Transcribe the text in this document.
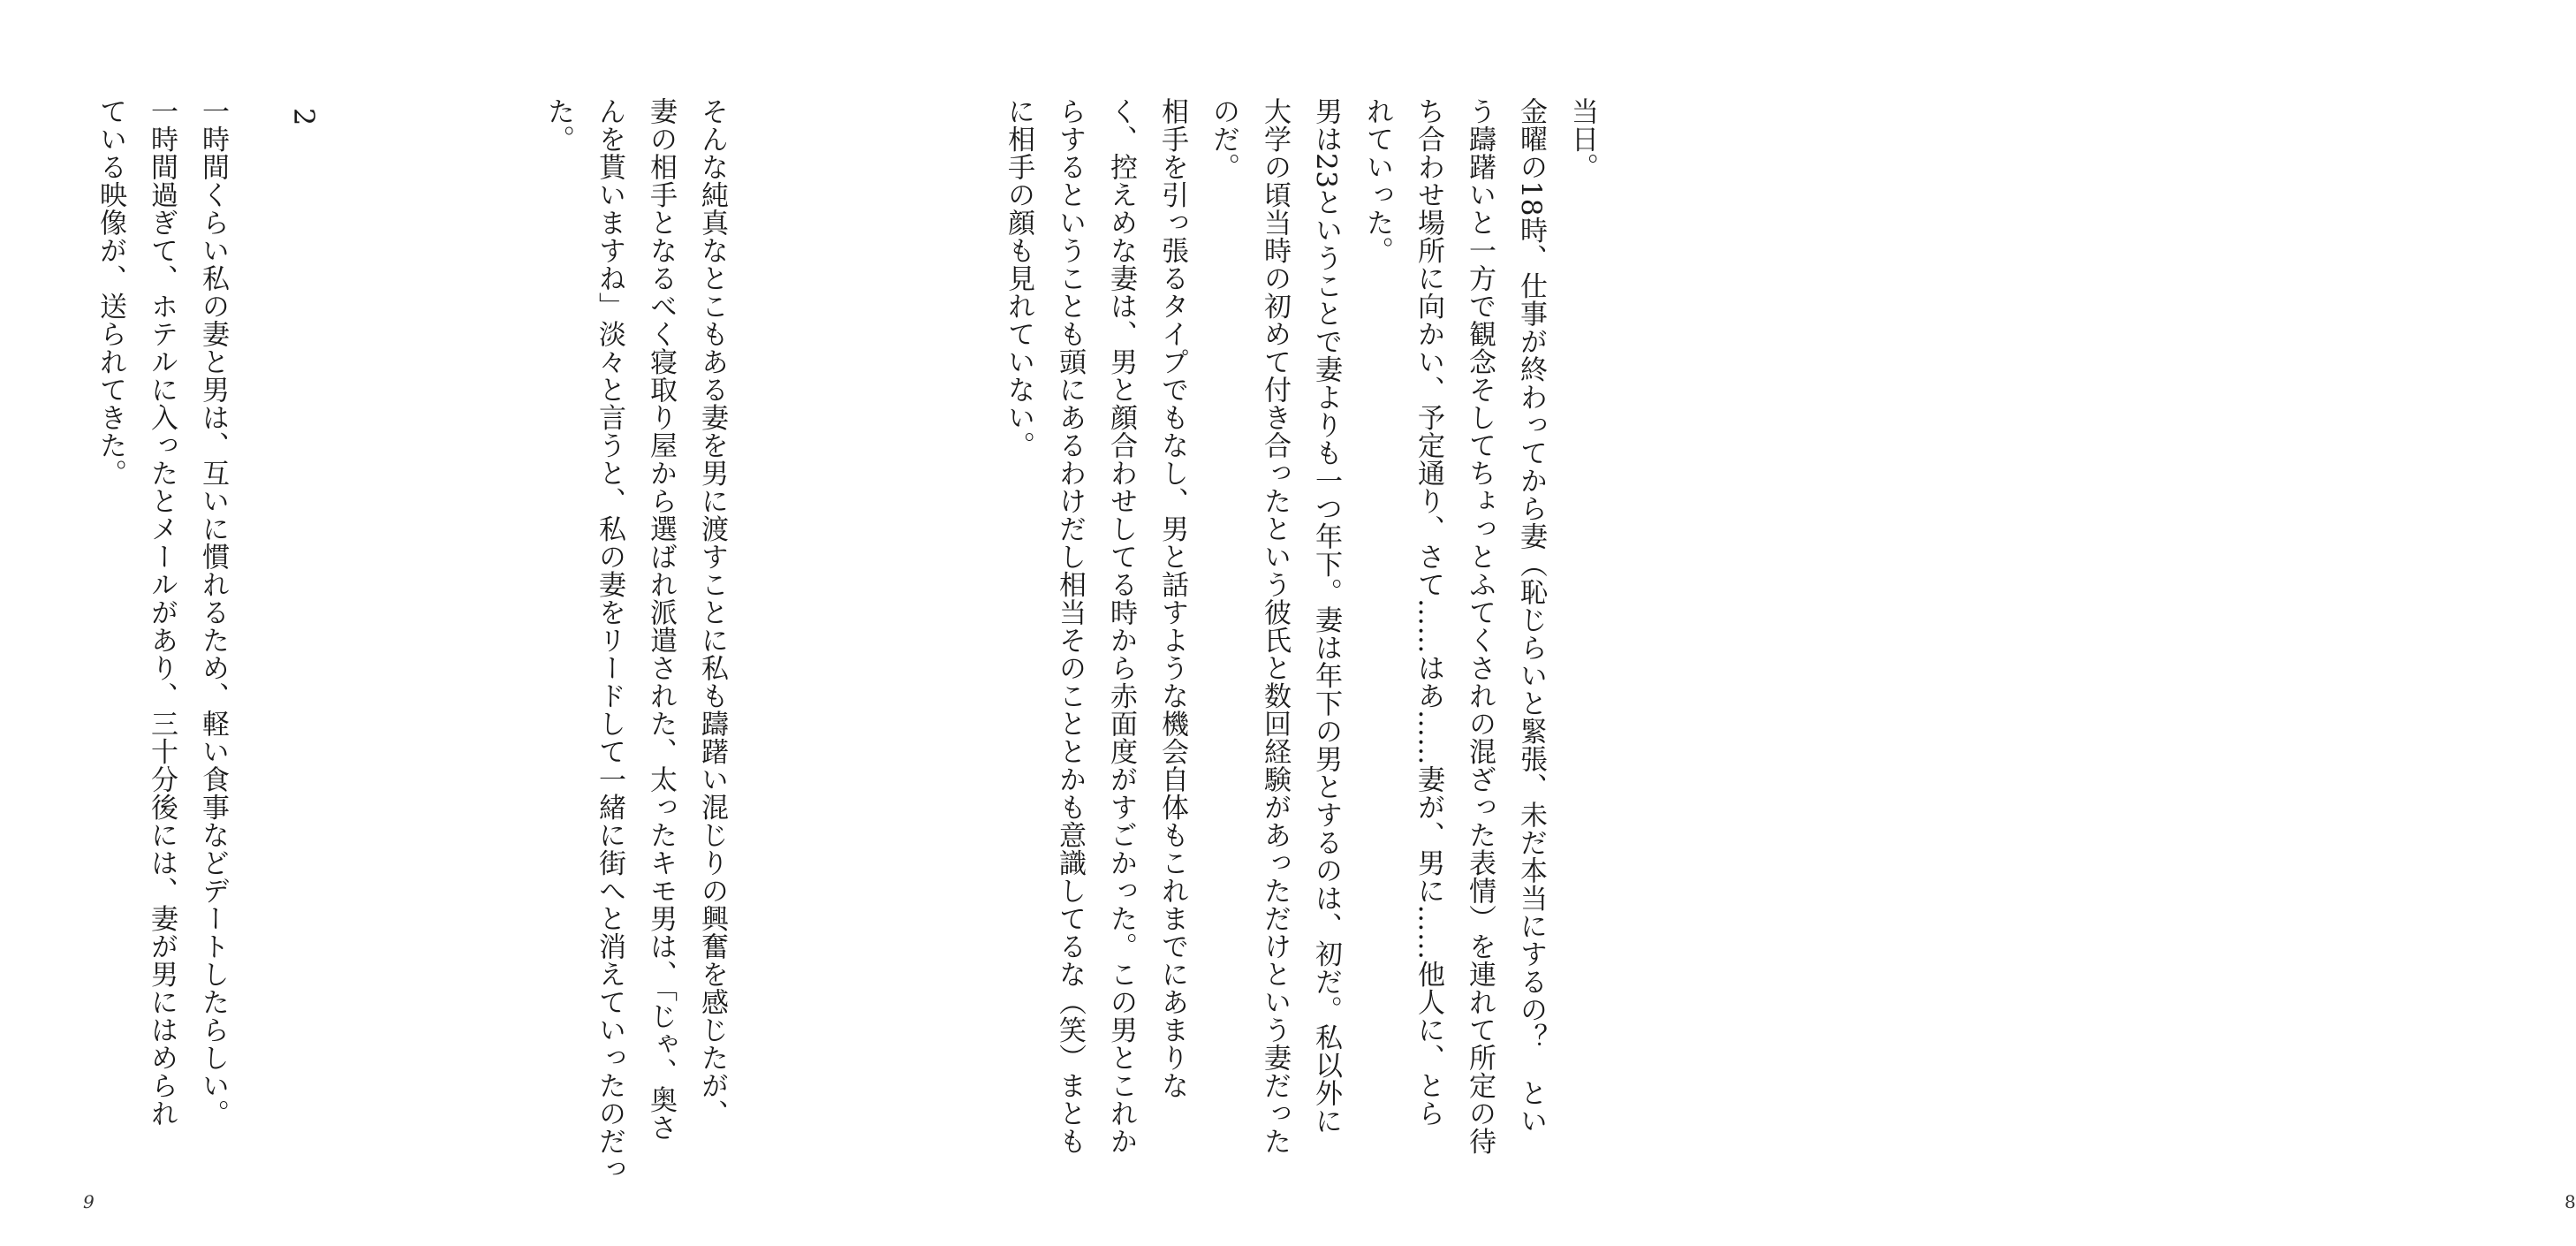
当日。

金曜の18時、仕事が終わってから妻（恥じらいと緊張、未だ本当にするの？　とい

う躊躇いと一方で観念そしてちょっとふてくされの混ざった表情）を連れて所定の待

ち合わせ場所に向かい、予定通り、さて……はあ……妻が、男に……他人に、とら

れていった。

男は23ということで妻よりも一つ年下。妻は年下の男とするのは、初だ。私以外に

大学の頃当時の初めて付き合ったという彼氏と数回経験があっただけという妻だった

のだ。

相手を引っ張るタイプでもなし、男と話すような機会自体もこれまでにあまりな

く、控えめな妻は、男と顔合わせしてる時から赤面度がすごかった。この男とこれか

らするということも頭にあるわけだし相当そのこととかも意識してるな（笑）まとも

に相手の顔も見れていない。

8

そんな純真なとこもある妻を男に渡すことに私も躊躇い混じりの興奮を感じたが、

妻の相手となるべく寝取り屋から選ばれ派遣された、太ったキモ男は、「じゃ、奥さ

んを貰いますね」淡々と言うと、私の妻をリードして一緒に街へと消えていったのだっ

た。

2

一時間くらい私の妻と男は、互いに慣れるため、軽い食事などデートしたらしい。

一時間過ぎて、ホテルに入ったとメールがあり、三十分後には、妻が男にはめられ

ている映像が、送られてきた。

9
